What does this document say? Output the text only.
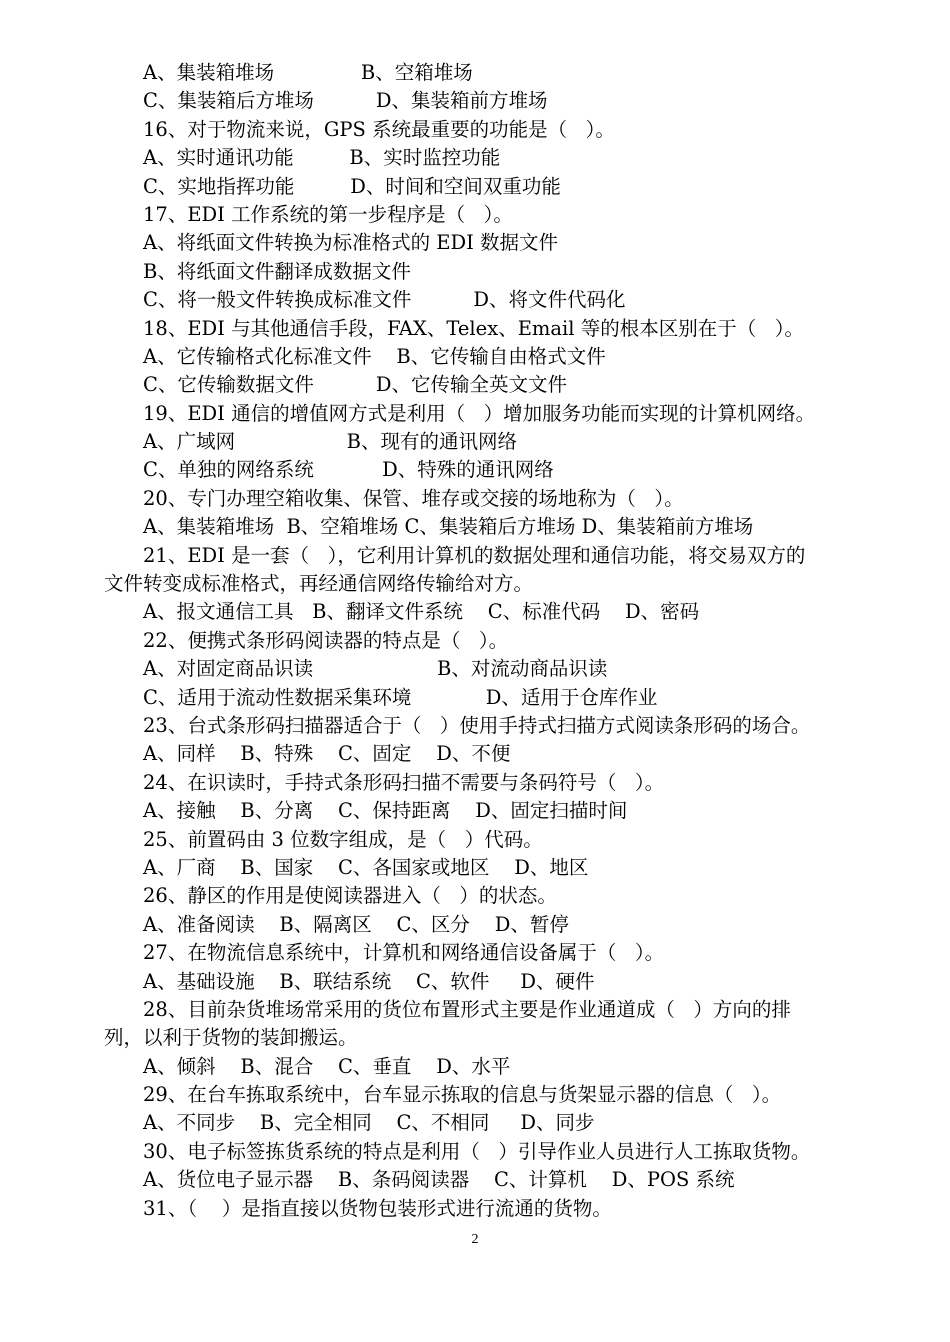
A、集装箱堆场              B、空箱堆场
C、集装箱后方堆场          D、集装箱前方堆场
16、对于物流来说，GPS 系统最重要的功能是（   ）。
A、实时通讯功能         B、实时监控功能
C、实地指挥功能         D、时间和空间双重功能
17、EDI 工作系统的第一步程序是（   ）。
A、将纸面文件转换为标准格式的 EDI 数据文件
B、将纸面文件翻译成数据文件
C、将一般文件转换成标准文件          D、将文件代码化
18、EDI 与其他通信手段，FAX、Telex、Email 等的根本区别在于（   ）。
A、它传输格式化标准文件    B、它传输自由格式文件
C、它传输数据文件          D、它传输全英文文件
19、EDI 通信的增值网方式是利用（   ）增加服务功能而实现的计算机网络。
A、广域网                  B、现有的通讯网络
C、单独的网络系统           D、特殊的通讯网络
20、专门办理空箱收集、保管、堆存或交接的场地称为（   ）。
A、集装箱堆场  B、空箱堆场 C、集装箱后方堆场 D、集装箱前方堆场
21、EDI 是一套（   ），它利用计算机的数据处理和通信功能，将交易双方的
文件转变成标准格式，再经通信网络传输给对方。
A、报文通信工具   B、翻译文件系统    C、标准代码    D、密码
22、便携式条形码阅读器的特点是（   ）。
A、对固定商品识读                    B、对流动商品识读
C、适用于流动性数据采集环境            D、适用于仓库作业
23、台式条形码扫描器适合于（   ）使用手持式扫描方式阅读条形码的场合。
A、同样    B、特殊    C、固定    D、不便
24、在识读时，手持式条形码扫描不需要与条码符号（   ）。
A、接触    B、分离    C、保持距离    D、固定扫描时间
25、前置码由 3 位数字组成，是（   ）代码。
A、厂商    B、国家    C、各国家或地区    D、地区
26、静区的作用是使阅读器进入（   ）的状态。
A、准备阅读    B、隔离区    C、区分    D、暂停
27、在物流信息系统中，计算机和网络通信设备属于（   ）。
A、基础设施    B、联结系统    C、软件     D、硬件
28、目前杂货堆场常采用的货位布置形式主要是作业通道成（   ）方向的排
列，以利于货物的装卸搬运。
A、倾斜    B、混合    C、垂直    D、水平
29、在台车拣取系统中，台车显示拣取的信息与货架显示器的信息（   ）。
A、不同步    B、完全相同    C、不相同     D、同步
30、电子标签拣货系统的特点是利用（   ）引导作业人员进行人工拣取货物。
A、货位电子显示器    B、条码阅读器    C、计算机    D、POS 系统
31、（    ）是指直接以货物包装形式进行流通的货物。
2
